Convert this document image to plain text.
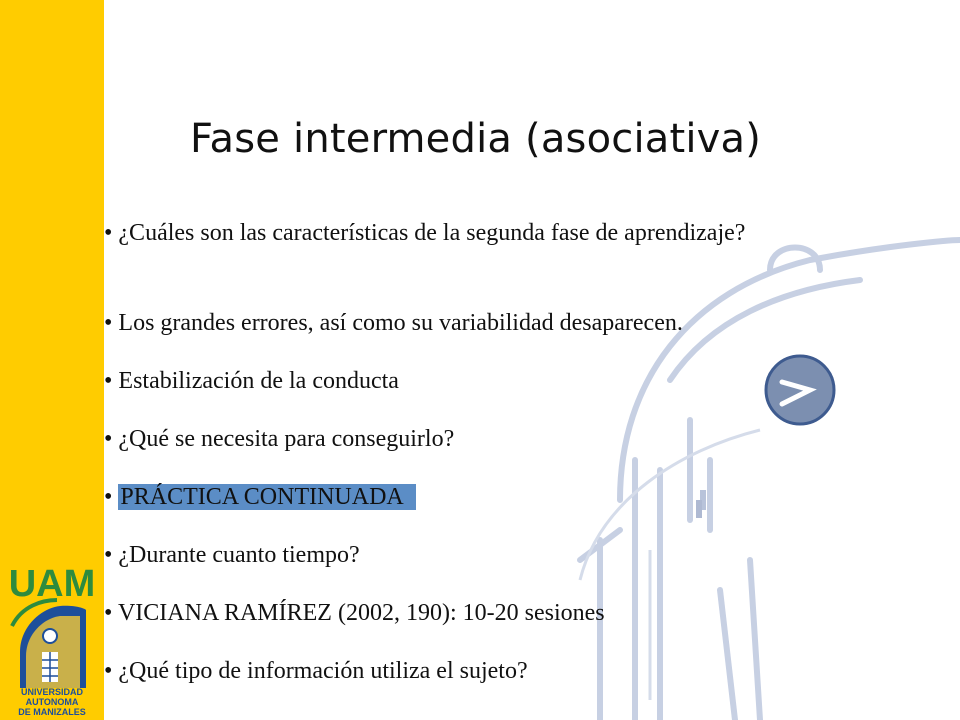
Fase intermedia (asociativa)
• ¿Cuáles son las características de la segunda fase de aprendizaje?
• Los grandes errores, así como su variabilidad desaparecen.
• Estabilización de la conducta
• ¿Qué se necesita para conseguirlo?
• PRÁCTICA CONTINUADA
• ¿Durante cuanto tiempo?
• VICIANA RAMÍREZ (2002, 190): 10-20 sesiones
• ¿Qué tipo de información utiliza el sujeto?
UAM
UNIVERSIDAD
AUTONOMA
DE MANIZALES
